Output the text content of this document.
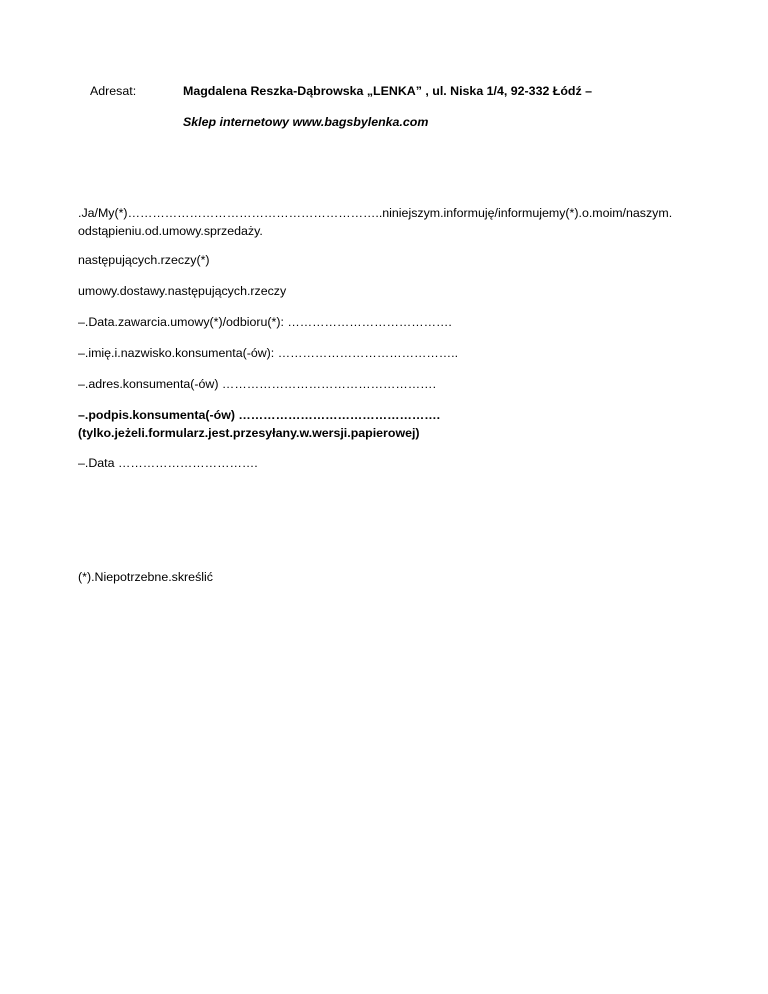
Adresat:	Magdalena Reszka-Dąbrowska „LENKA” , ul. Niska 1/4, 92-332 Łódź –
Sklep internetowy www.bagsbylenka.com
.Ja/My(*)……………………………………………………..niniejszym.informuję/informujemy(*).o.moim/naszym.
odstąpieniu.od.umowy.sprzedaży.
następujących.rzeczy(*)
umowy.dostawy.następujących.rzeczy
–.Data.zawarcia.umowy(*)/odbioru(*): ………………………………….
–.imię.i.nazwisko.konsumenta(-ów): ……………………………………..
–.adres.konsumenta(-ów) …………………………………………….
–.podpis.konsumenta(-ów) ………………………………………….
(tylko.jeżeli.formularz.jest.przesyłany.w.wersji.papierowej)
–.Data …………………………….
(*).Niepotrzebne.skreślić
